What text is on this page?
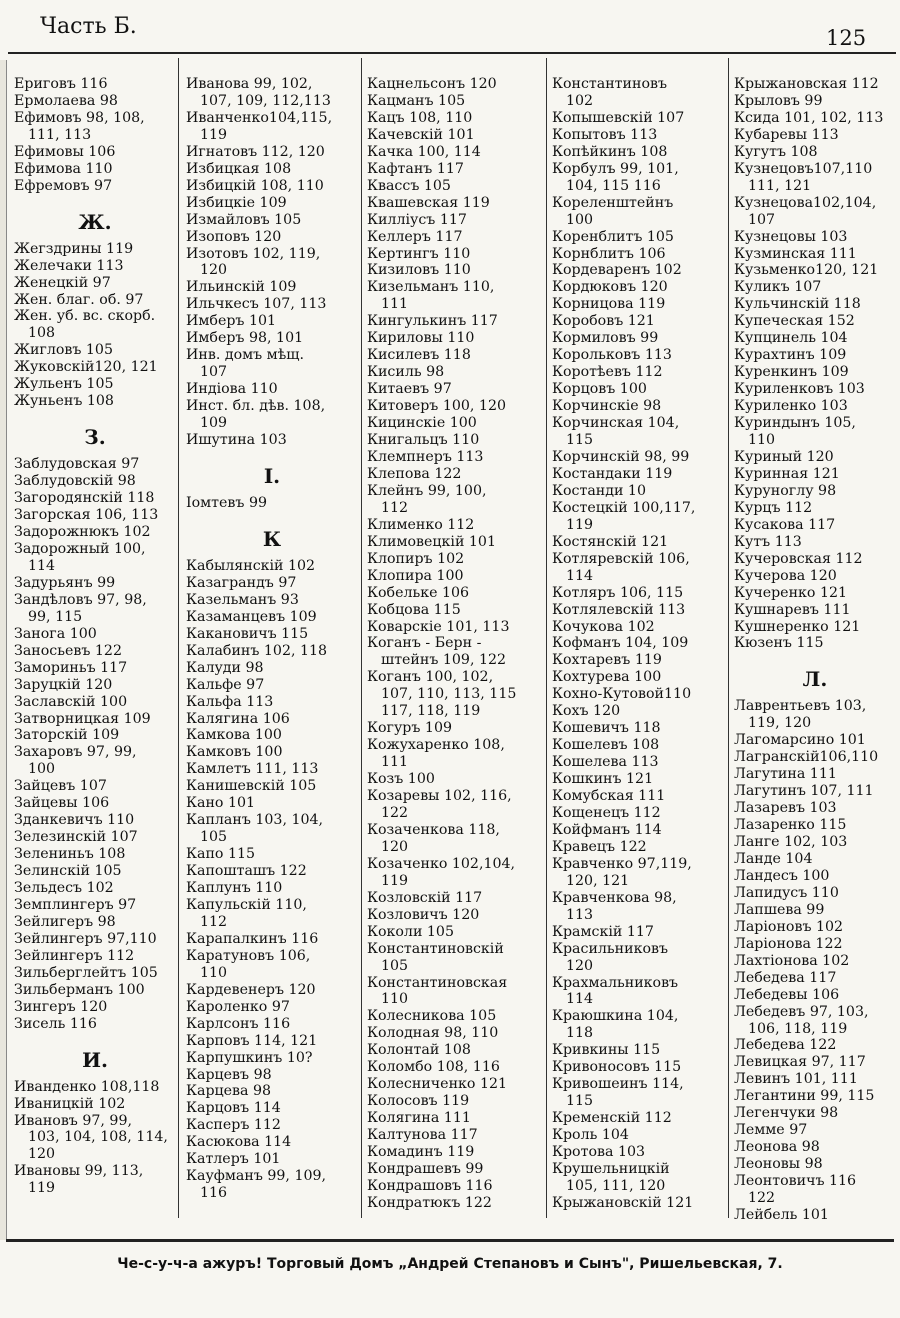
Часть Б.	125
Ериговъ 116
Ермолаева 98
Ефимовъ 98, 108,
111, 113
Ефимовы 106
Ефимова 110
Ефремовъ 97
Ж.
Жегздрины 119
Желечаки 113
Женецкій 97
Жен. благ. об. 97
Жен. уб. вс. скорб.
108
Жигловъ 105
Жуковскій120, 121
Жульенъ 105
Жуньенъ 108
З.
Заблудовская 97
Заблудовскій 98
Загородянскій 118
Загорская 106, 113
Задорожнюкъ 102
Задорожный 100,
114
Задурьянъ 99
Зандѣловъ 97, 98,
99, 115
Занога 100
Заносьевъ 122
Замориньъ 117
Заруцкій 120
Заславскій 100
Затворницкая 109
Заторскій 109
Захаровъ 97, 99,
100
Зайцевъ 107
Зайцевы 106
Зданкевичъ 110
Зелезинскій 107
Зелениньъ 108
Зелинскій 105
Зельдесъ 102
Земплингеръ 97
Зейлигеръ 98
Зейлингеръ 97,110
Зейлингеръ 112
Зильберглейтъ 105
Зильберманъ 100
Зингеръ 120
Зисель 116
И.
Иванденко 108,118
Иваницкій 102
Ивановъ 97, 99,
103, 104, 108, 114,
120
Ивановы 99, 113,
119
Иванова 99, 102,
107, 109, 112,113
Иванченко104,115,
119
Игнатовъ 112, 120
Избицкая 108
Избицкій 108, 110
Избицкіе 109
Измайловъ 105
Изоповъ 120
Изотовъ 102, 119,
120
Ильинскій 109
Ильчкесъ 107, 113
Имберъ 101
Имберъ 98, 101
Инв. домъ мѣщ.
107
Индіова 110
Инст. бл. дѣв. 108,
109
Ишутина 103
I.
Іомтевъ 99
К
Кабылянскій 102
Казаграндъ 97
Казельманъ 93
Казаманцевъ 109
Какановичъ 115
Калабинъ 102, 118
Калуди 98
Кальфе 97
Кальфа 113
Калягина 106
Камкова 100
Камковъ 100
Камлетъ 111, 113
Канишевскій 105
Кано 101
Капланъ 103, 104,
105
Капо 115
Капошташъ 122
Каплунъ 110
Капульскій 110,
112
Карапалкинъ 116
Каратуновъ 106,
110
Кардевенеръ 120
Кароленко 97
Карлсонъ 116
Карповъ 114, 121
Карпушкинъ 10?
Карцевъ 98
Карцева 98
Карцовъ 114
Касперъ 112
Касюкова 114
Катлеръ 101
Кауфманъ 99, 109,
116
Кацнельсонъ 120
Кацманъ 105
Кацъ 108, 110
Качевскій 101
Качка 100, 114
Кафтанъ 117
Квассъ 105
Квашевская 119
Киллiусъ 117
Келлеръ 117
Кертингъ 110
Кизиловъ 110
Кизельманъ 110,
111
Кингулькинъ 117
Кириловы 110
Кисилевъ 118
Кисиль 98
Китаевъ 97
Китоверъ 100, 120
Кицинскіе 100
Книгальцъ 110
Клемпнеръ 113
Клепова 122
Клейнъ 99, 100,
112
Клименко 112
Климовецкій 101
Клопиръ 102
Клопира 100
Кобельке 106
Кобцова 115
Коварскіе 101, 113
Коганъ - Берн -
штейнъ 109, 122
Коганъ 100, 102,
107, 110, 113, 115
117, 118, 119
Когуръ 109
Кожухаренко 108,
111
Козъ 100
Козаревы 102, 116,
122
Козаченкова 118,
120
Козаченко 102,104,
119
Козловскій 117
Козловичъ 120
Коколи 105
Константиновскій
105
Константиновская
110
Колесникова 105
Колодная 98, 110
Колонтай 108
Коломбо 108, 116
Колесниченко 121
Колосовъ 119
Колягина 111
Калтунова 117
Комадинъ 119
Кондрашевъ 99
Кондрашовъ 116
Кондратюкъ 122
Константиновъ
102
Копышевскій 107
Копытовъ 113
Копѣйкинъ 108
Корбулъ 99, 101,
104, 115 116
Кореленштейнъ
100
Коренблитъ 105
Корнблитъ 106
Кордеваренъ 102
Кордюковъ 120
Корницова 119
Коробовъ 121
Кормиловъ 99
Корольковъ 113
Коротѣевъ 112
Корцовъ 100
Корчинскіе 98
Корчинская 104,
115
Корчинскій 98, 99
Костандаки 119
Костанди 10
Костецкій 100,117,
119
Костянскій 121
Котляревскій 106,
114
Котляръ 106, 115
Котлялевскій 113
Кочукова 102
Кофманъ 104, 109
Кохтаревъ 119
Кохтурева 100
Кохно-Кутовой110
Кохъ 120
Кошевичъ 118
Кошелевъ 108
Кошелева 113
Кошкинъ 121
Комубская 111
Кощенецъ 112
Койфманъ 114
Кравецъ 122
Кравченко 97,119,
120, 121
Кравченкова 98,
113
Крамскій 117
Красильниковъ
120
Крахмальниковъ
114
Краюшкина 104,
118
Кривкины 115
Кривоносовъ 115
Кривошеинъ 114,
115
Кременскій 112
Кроль 104
Кротова 103
Крушельницкій
105, 111, 120
Крыжановскій 121
Крыжановская 112
Крыловъ 99
Ксида 101, 102, 113
Кубаревы 113
Кугутъ 108
Кузнецовъ107,110
111, 121
Кузнецова102,104,
107
Кузнецовы 103
Кузминская 111
Кузьменко120, 121
Куликъ 107
Кульчинскій 118
Купеческая 152
Купцинель 104
Курахтинъ 109
Куренкинъ 109
Куриленковъ 103
Куриленко 103
Куриндынъ 105,
110
Куриный 120
Куринная 121
Куруноглу 98
Курцъ 112
Кусакова 117
Кутъ 113
Кучеровская 112
Кучерова 120
Кучеренко 121
Кушнаревъ 111
Кушнеренко 121
Кюзенъ 115
Л.
Лаврентьевъ 103,
119, 120
Лагомарсино 101
Лагранскій106,110
Лагутина 111
Лагутинъ 107, 111
Лазаревъ 103
Лазаренко 115
Ланге 102, 103
Ланде 104
Ландесъ 100
Лапидусъ 110
Лапшева 99
Ларіоновъ 102
Ларіонова 122
Лахтіонова 102
Лебедева 117
Лебедевы 106
Лебедевъ 97, 103,
106, 118, 119
Лебедева 122
Левицкая 97, 117
Левинъ 101, 111
Легантини 99, 115
Легенчуки 98
Лемме 97
Леонова 98
Леоновы 98
Леонтовичъ 116
122
Лейбель 101
Че-с-у-ч-а ажуръ! Торговый Домъ „Андрей Степановъ и Сынъ", Ришельевская, 7.
